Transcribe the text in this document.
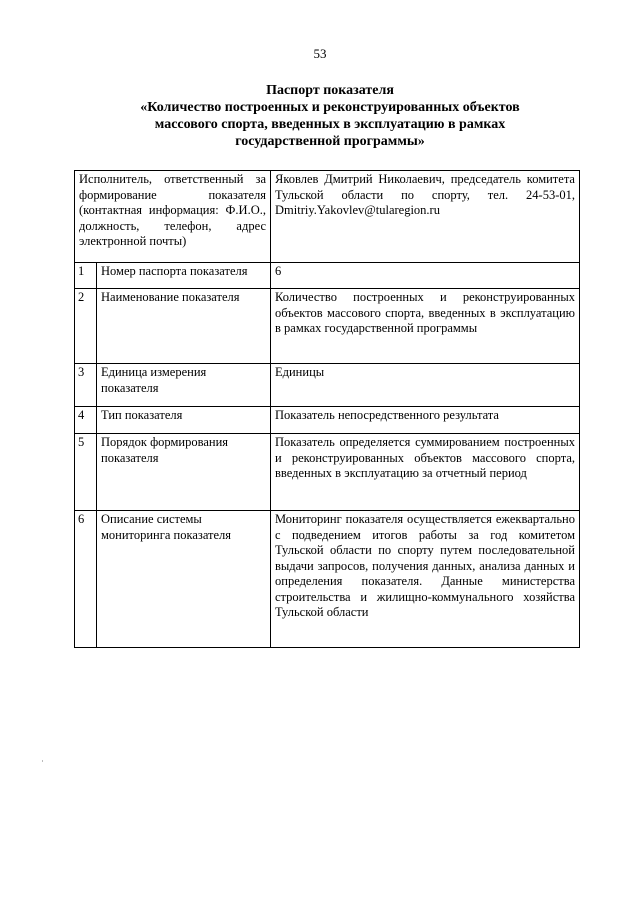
53
Паспорт показателя
«Количество построенных и реконструированных объектов
массового спорта, введенных в эксплуатацию в рамках
государственной программы»
Исполнитель, ответственный за формирование показателя (контактная информация: Ф.И.О., должность, телефон, адрес электронной почты)		Яковлев Дмитрий Николаевич, председатель комитета Тульской области по спорту, тел. 24-53-01, Dmitriy.Yakovlev@tularegion.ru
1	Номер паспорта показателя	6
2	Наименование показателя	Количество построенных и реконструированных объектов массового спорта, введенных в эксплуатацию в рамках государственной программы
3	Единица измерения показателя	Единицы
4	Тип показателя	Показатель непосредственного результата
5	Порядок формирования показателя	Показатель определяется суммированием построенных и реконструированных объектов массового спорта, введенных в эксплуатацию за отчетный период
6	Описание системы мониторинга показателя	Мониторинг показателя осуществляется ежеквартально с подведением итогов работы за год комитетом Тульской области по спорту путем последовательной выдачи запросов, получения данных, анализа данных и определения показателя. Данные министерства строительства и жилищно-коммунального хозяйства Тульской области
